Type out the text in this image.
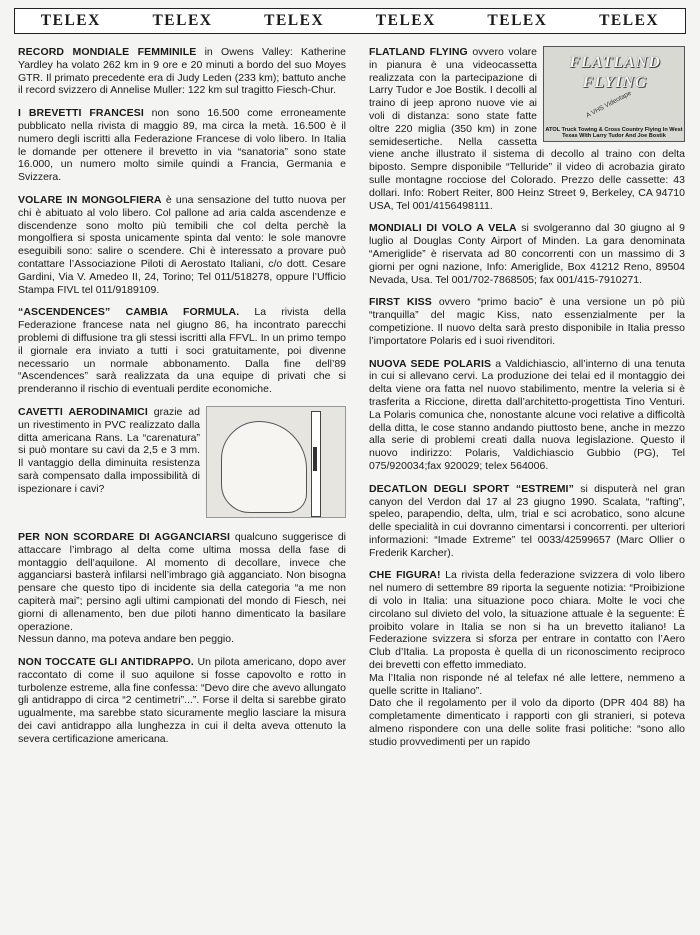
TELEX	TELEX	TELEX	TELEX	TELEX	TELEX
RECORD MONDIALE FEMMINILE in Owens Valley: Katherine Yardley ha volato 262 km in 9 ore e 20 minuti a bordo del suo Moyes GTR. Il primato precedente era di Judy Leden (233 km); battuto anche il record svizzero di Annelise Muller: 122 km sul tragitto Fiesch-Chur.
I BREVETTI FRANCESI non sono 16.500 come erroneamente pubblicato nella rivista di maggio 89, ma circa la metà. 16.500 è il numero degli iscritti alla Federazione Francese di volo libero. In Italia le domande per ottenere il brevetto in via “sanatoria” sono state 16.000, un numero molto simile quindi a Francia, Germania e Svizzera.
VOLARE IN MONGOLFIERA è una sensazione del tutto nuova per chi è abituato al volo libero. Col pallone ad aria calda ascendenze e discendenze sono molto più temibili che col delta perchè la mongolfiera si sposta unicamente spinta dal vento: le sole manovre eseguibili sono: salire o scendere. Chi è interessato a provare può contattare l’Associazione Piloti di Aerostato Italiani, c/o dott. Cesare Gardini, Via V. Amedeo II, 24, Torino; Tel 011/518278, oppure l’Ufficio Stampa FIVL tel 011/9189109.
“ASCENDENCES” CAMBIA FORMULA. La rivista della Federazione francese nata nel giugno 86, ha incontrato parecchi problemi di diffusione tra gli stessi iscritti alla FFVL. In un primo tempo il giornale era inviato a tutti i soci gratuitamente, poi divenne necessario un normale abbonamento. Dalla fine dell’89 “Ascendences” sarà realizzata da una equipe di privati che si prenderanno il rischio di eventuali perdite economiche.
CAVETTI AERODINAMICI grazie ad un rivestimento in PVC realizzato dalla ditta americana Rans. La “carenatura” si può montare su cavi da 2,5 e 3 mm. Il vantaggio della diminuita resistenza sarà compensato dalla impossibilità di ispezionare i cavi?
PER NON SCORDARE DI AGGANCIARSI qualcuno suggerisce di attaccare l’imbrago al delta come ultima mossa della fase di montaggio dell’aquilone. Al momento di decollare, invece che agganciarsi basterà infilarsi nell’imbrago già agganciato. Non bisogna pensare che questo tipo di incidente sia della categoria “a me non capiterà mai”; persino agli ultimi campionati del mondo di Fiesch, nei giorni di allenamento, ben due piloti hanno dimenticato la basilare operazione.

Nessun danno, ma poteva andare ben peggio.

NON TOCCATE GLI ANTIDRAPPO. Un pilota americano, dopo aver raccontato di come il suo aquilone si fosse capovolto e rotto in turbolenze estreme, alla fine confessa: “Devo dire che avevo allungato gli antidrappo di circa “2 centimetri”...”. Forse il delta si sarebbe girato ugualmente, ma sarebbe stato sicuramente meglio lasciare la misura dei cavi antidrappo alla lunghezza in cui il delta aveva ottenuto la severa certificazione americana.
FLATLAND
FLYING
A VHS Videotape
ATOL Truck Towing & Cross Country Flying In West Texas With Larry Tudor And Joe Bostik
FLATLAND FLYING ovvero volare in pianura è una videocassetta realizzata con la partecipazione di Larry Tudor e Joe Bostik. I decolli al traino di jeep aprono nuove vie ai voli di distanza: sono state fatte oltre 220 miglia (350 km) in zone semidesertiche. Nella cassetta viene anche illustrato il sistema di decollo al traino con delta biposto. Sempre disponibile “Telluride” il video di acrobazia girato sulle montagne rocciose del Colorado. Prezzo delle cassette: 43 dollari. Info: Robert Reiter, 800 Heinz Street 9, Berkeley, CA 94710 USA, Tel 001/4156498111.
MONDIALI DI VOLO A VELA si svolgeranno dal 30 giugno al 9 luglio al Douglas Conty Airport of Minden. La gara denominata “Ameriglide” è riservata ad 80 concorrenti con un massimo di 3 giorni per ogni nazione, Info: Ameriglide, Box 41212 Reno, 89504 Nevada, Usa. Tel 001/702-7868505; fax 001/415-7910271.
FIRST KISS ovvero “primo bacio” è una versione un pò più “tranquilla” del magic Kiss, nato essenzialmente per la competizione. Il nuovo delta sarà presto disponibile in Italia presso l’importatore Polaris ed i suoi rivenditori.
NUOVA SEDE POLARIS a Valdichiascio, all’interno di una tenuta in cui si allevano cervi. La produzione dei telai ed il montaggio dei delta viene ora fatta nel nuovo stabilimento, mentre la veleria si è trasferita a Riccione, diretta dall’architetto-progettista Tino Venturi. La Polaris comunica che, nonostante alcune voci relative a difficoltà della ditta, le cose stanno andando piuttosto bene, anche in mezzo alla serie di problemi creati dalla nuova legislazione. Questo il nuovo indirizzo: Polaris, Valdichiascio Gubbio (PG), Tel 075/920034;fax 920029; telex 564006.
DECATLON DEGLI SPORT “ESTREMI” si disputerà nel gran canyon del Verdon dal 17 al 23 giugno 1990. Scalata, “rafting”, speleo, parapendio, delta, ulm, trial e sci acrobatico, sono alcune delle specialità in cui dovranno cimentarsi i concorrenti. per ulteriori informazioni: “Imade Extreme” tel 0033/42599657 (Marc Ollier o Frederik Karcher).
CHE FIGURA! La rivista della federazione svizzera di volo libero nel numero di settembre 89 riporta la seguente notizia: “Proibizione di volo in Italia: una situazione poco chiara. Molte le voci che circolano sul divieto del volo, la situazione attuale è la seguente: È proibito volare in Italia se non si ha un brevetto italiano! La Federazione svizzera si sforza per entrare in contatto con l’Aero Club d’Italia. La proposta è quella di un riconoscimento reciproco dei brevetti con effetto immediato.

Ma l’Italia non risponde né al telefax né alle lettere, nemmeno a quelle scritte in Italiano”.

Dato che il regolamento per il volo da diporto (DPR 404 88) ha completamente dimenticato i rapporti con gli stranieri, si poteva almeno rispondere con una delle solite frasi politiche: “sono allo studio provvedimenti per un rapido
